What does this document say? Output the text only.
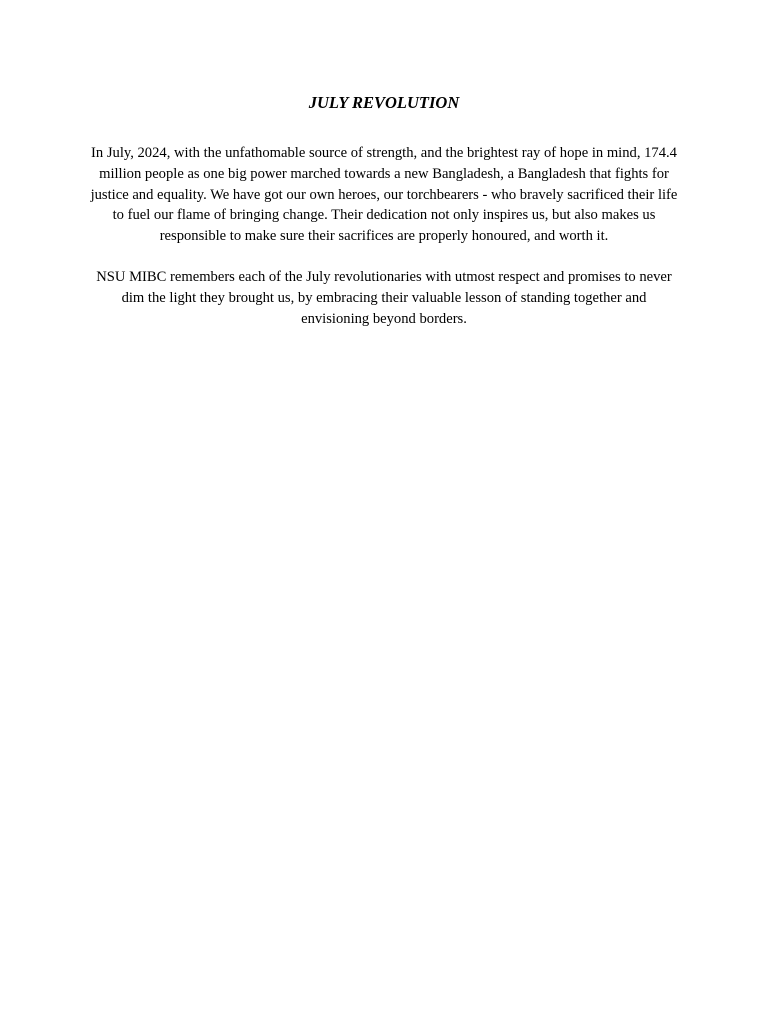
JULY REVOLUTION

In July, 2024, with the unfathomable source of strength, and the brightest ray of hope in mind, 174.4 million people as one big power marched towards a new Bangladesh, a Bangladesh that fights for justice and equality. We have got our own heroes, our torchbearers - who bravely sacrificed their life to fuel our flame of bringing change. Their dedication not only inspires us, but also makes us responsible to make sure their sacrifices are properly honoured, and worth it.

NSU MIBC remembers each of the July revolutionaries with utmost respect and promises to never dim the light they brought us, by embracing their valuable lesson of standing together and envisioning beyond borders.
